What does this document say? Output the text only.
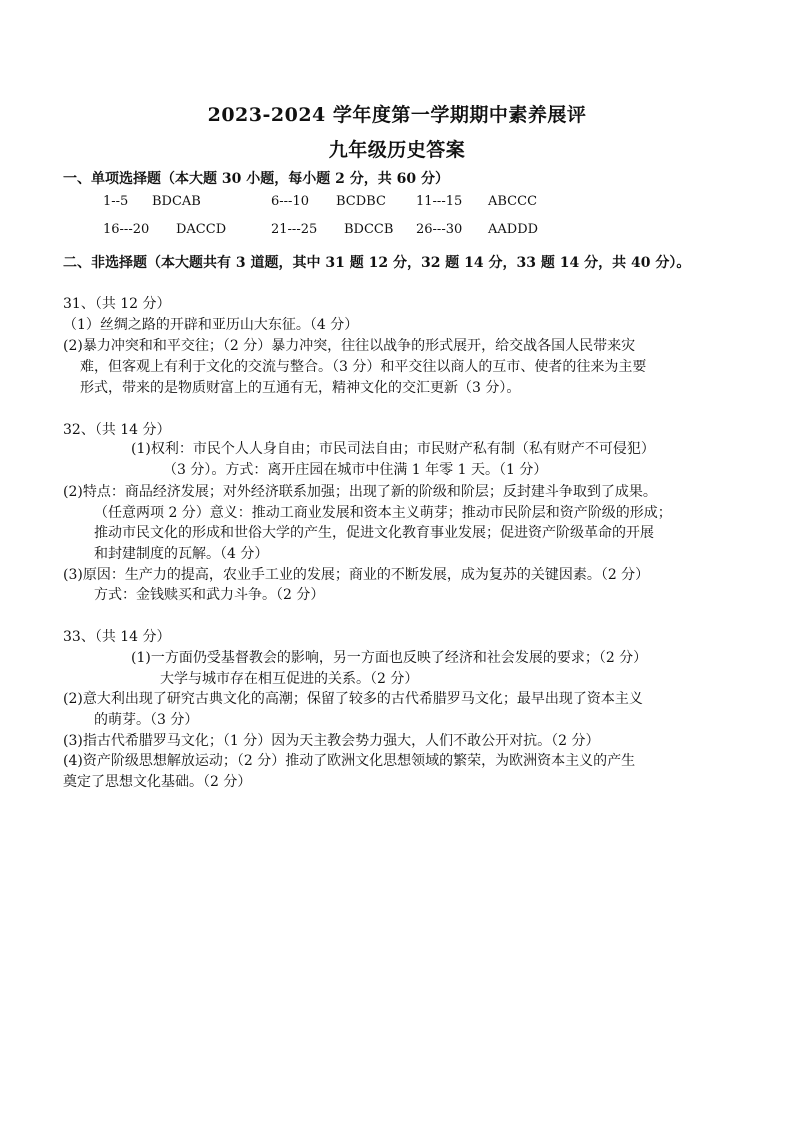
2023-2024 学年度第一学期期中素养展评
九年级历史答案
一、单项选择题（本大题 30 小题，每小题 2 分，共 60 分）
1--5 BDCAB	6---10 BCDBC 11---15 ABCCC
16---20 DACCD	21---25 BDCCB 26---30 AADDD
二、非选择题（本大题共有 3 道题，其中 31 题 12 分，32 题 14 分，33 题 14 分，共 40 分）。
31、（共 12 分）
（1）丝绸之路的开辟和亚历山大东征。（4 分）
(2)暴力冲突和和平交往；（2 分）暴力冲突，往往以战争的形式展开，给交战各国人民带来灾
难，但客观上有利于文化的交流与整合。（3 分）和平交往以商人的互市、使者的往来为主要
形式，带来的是物质财富上的互通有无，精神文化的交汇更新（3 分）。
32、（共 14 分）
(1)权利：市民个人人身自由；市民司法自由；市民财产私有制（私有财产不可侵犯）
（3 分）。方式：离开庄园在城市中住满 1 年零 1 天。（1 分）
(2)特点：商品经济发展；对外经济联系加强；出现了新的阶级和阶层；反封建斗争取到了成果。
（任意两项 2 分）意义：推动工商业发展和资本主义萌芽；推动市民阶层和资产阶级的形成；
推动市民文化的形成和世俗大学的产生，促进文化教育事业发展；促进资产阶级革命的开展
和封建制度的瓦解。（4 分）
(3)原因：生产力的提高，农业手工业的发展；商业的不断发展，成为复苏的关键因素。（2 分）
方式：金钱赎买和武力斗争。（2 分）
33、（共 14 分）
(1)一方面仍受基督教会的影响，另一方面也反映了经济和社会发展的要求；（2 分）
大学与城市存在相互促进的关系。（2 分）
(2)意大利出现了研究古典文化的高潮；保留了较多的古代希腊罗马文化；最早出现了资本主义
的萌芽。（3 分）
(3)指古代希腊罗马文化；（1 分）因为天主教会势力强大，人们不敢公开对抗。（2 分）
(4)资产阶级思想解放运动；（2 分）推动了欧洲文化思想领域的繁荣，为欧洲资本主义的产生
奠定了思想文化基础。（2 分）
